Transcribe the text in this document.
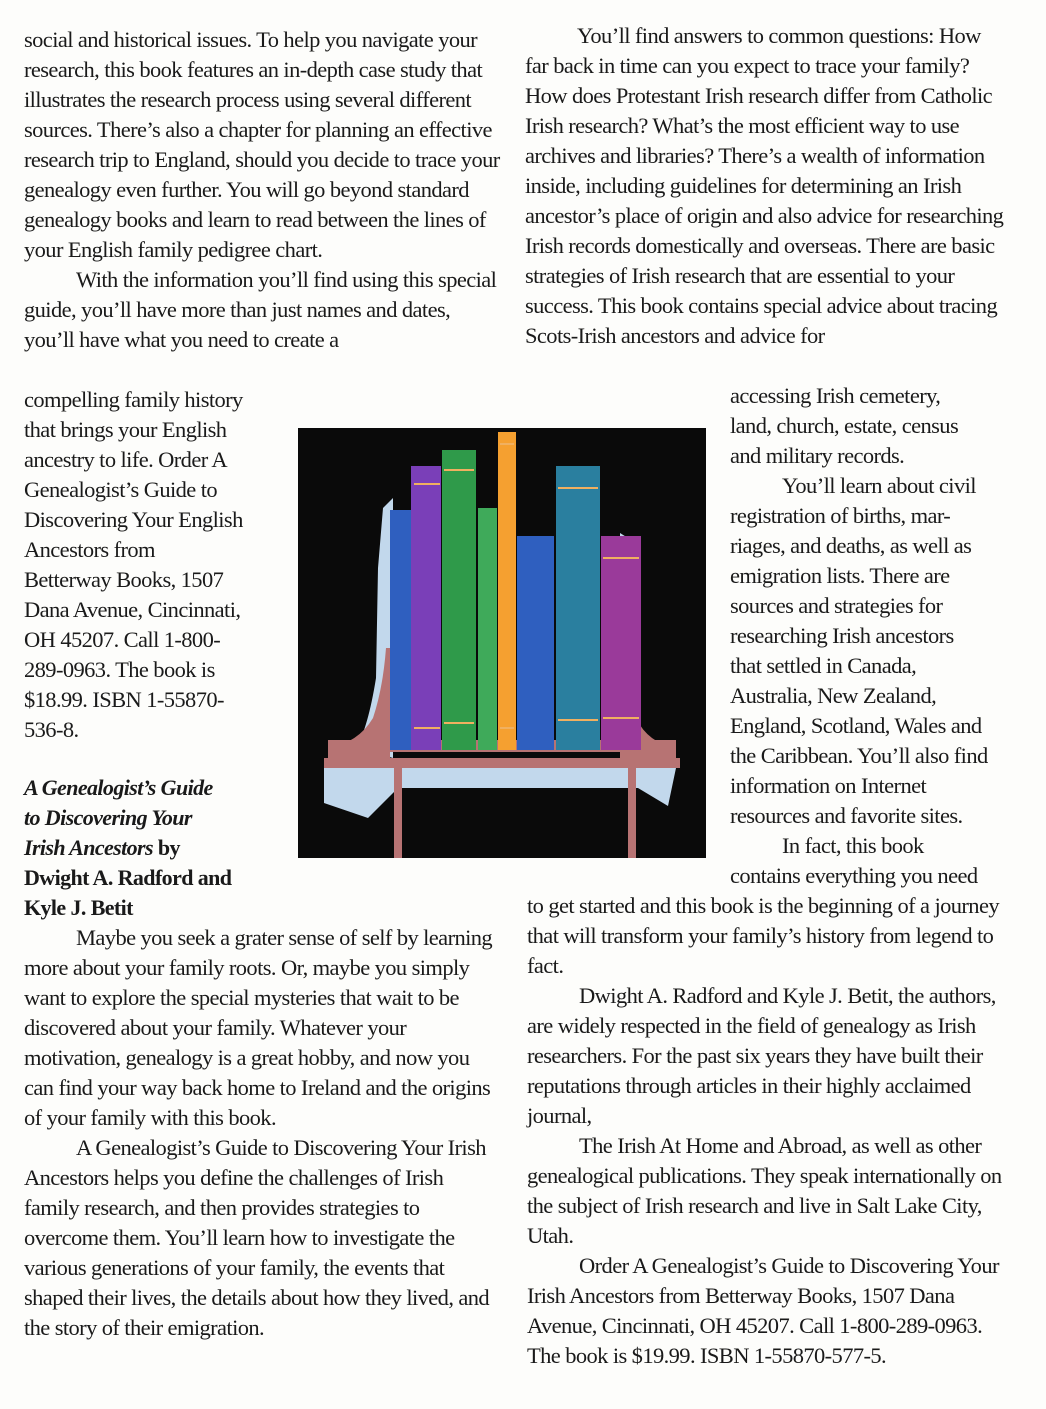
social and historical issues. To help you navigate your research, this book features an in-depth case study that illustrates the research process using several different sources. There’s also a chapter for planning an effective research trip to England, should you decide to trace your genealogy even further. You will go beyond standard genealogy books and learn to read between the lines of your English family pedigree chart.

With the information you’ll find using this special guide, you’ll have more than just names and dates, you’ll have what you need to create a

compelling family history
that brings your English
ancestry to life. Order A
Genealogist’s Guide to
Discovering Your English
Ancestors from
Betterway Books, 1507
Dana Avenue, Cincinnati,
OH 45207. Call 1-800-
289-0963. The book is
$18.99. ISBN 1-55870-
536-8.
A Genealogist’s Guide
to Discovering Your
Irish Ancestors by
Dwight A. Radford and
Kyle J. Betit

Maybe you seek a grater sense of self by learning more about your family roots. Or, maybe you simply want to explore the special mysteries that wait to be discovered about your family. Whatever your motivation, genealogy is a great hobby, and now you can find your way back home to Ireland and the origins of your family with this book.

A Genealogist’s Guide to Discovering Your Irish Ancestors helps you define the challenges of Irish family research, and then provides strategies to overcome them. You’ll learn how to investigate the various generations of your family, the events that shaped their lives, the details about how they lived, and the story of their emigration.

You’ll find answers to common questions: How far back in time can you expect to trace your family? How does Protestant Irish research differ from Catholic Irish research? What’s the most efficient way to use archives and libraries? There’s a wealth of information inside, including guidelines for determining an Irish ancestor’s place of origin and also advice for researching Irish records domestically and overseas. There are basic strategies of Irish research that are essential to your success. This book contains special advice about tracing Scots-Irish ancestors and advice for

accessing Irish cemetery,
land, church, estate, census
and military records.
You’ll learn about civil
registration of births, mar-
riages, and deaths, as well as
emigration lists. There are
sources and strategies for
researching Irish ancestors
that settled in Canada,
Australia, New Zealand,
England, Scotland, Wales and
the Caribbean. You’ll also find
information on Internet
resources and favorite sites.
In fact, this book
contains everything you need

to get started and this book is the beginning of a journey that will transform your family’s history from legend to fact.

Dwight A. Radford and Kyle J. Betit, the authors, are widely respected in the field of genealogy as Irish researchers. For the past six years they have built their reputations through articles in their highly acclaimed journal,

The Irish At Home and Abroad, as well as other genealogical publications. They speak internationally on the subject of Irish research and live in Salt Lake City, Utah.

Order A Genealogist’s Guide to Discovering Your Irish Ancestors from Betterway Books, 1507 Dana Avenue, Cincinnati, OH 45207. Call 1-800-289-0963. The book is $19.99. ISBN 1-55870-577-5.
